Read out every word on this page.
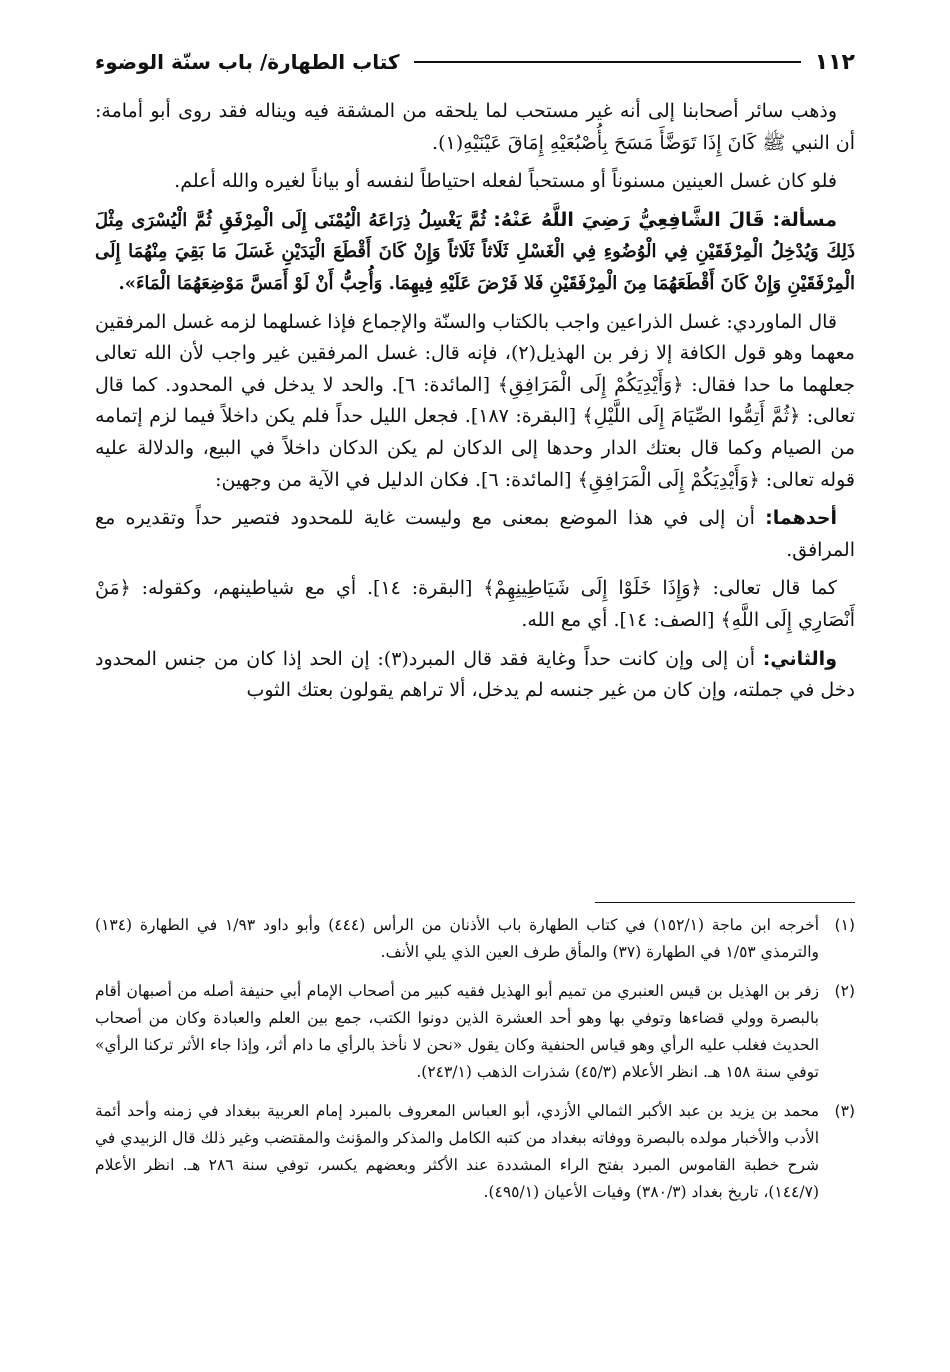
١١٢
كتاب الطهارة/ باب سنّة الوضوء

وذهب سائر أصحابنا إلى أنه غير مستحب لما يلحقه من المشقة فيه ويناله فقد روى أبو أمامة: أن النبي ﷺ كَانَ إِذَا تَوَضَّأَ مَسَحَ بِأُصْبُعَيْهِ إِمَاقَ عَيْنَيْهِ(١).

فلو كان غسل العينين مسنوناً أو مستحباً لفعله احتياطاً لنفسه أو بياناً لغيره والله أعلم.

مسألة: قَالَ الشَّافِعِيُّ رَضِيَ اللَّهُ عَنْهُ: ثُمَّ يَغْسِلُ ذِرَاعَهُ الْيُمْنَى إِلَى الْمِرْفَقِ ثُمَّ الْيُسْرَى مِثْلَ ذَلِكَ وَيُدْخِلُ الْمِرْفَقَيْنِ فِي الْوُضُوءِ فِي الْغَسْلِ ثَلَاثاً ثَلَاثاً وَإِنْ كَانَ أَقْطَعَ الْيَدَيْنِ غَسَلَ مَا بَقِيَ مِنْهُمَا إِلَى الْمِرْفَقَيْنِ وَإِنْ كَانَ أَقْطَعَهُمَا مِنَ الْمِرْفَقَيْنِ فَلا فَرْضَ عَلَيْهِ فِيهِمَا. وَأُحِبُّ أَنْ لَوْ أَمَسَّ مَوْضِعَهُمَا الْمَاءَ».

قال الماوردي: غسل الذراعين واجب بالكتاب والسنّة والإجماع فإذا غسلهما لزمه غسل المرفقين معهما وهو قول الكافة إلا زفر بن الهذيل(٢)، فإنه قال: غسل المرفقين غير واجب لأن الله تعالى جعلهما ما حدا فقال: ﴿وَأَيْدِيَكُمْ إِلَى الْمَرَافِقِ﴾ [المائدة: ٦]. والحد لا يدخل في المحدود. كما قال تعالى: ﴿ثُمَّ أَتِمُّوا الصِّيَامَ إِلَى اللَّيْلِ﴾ [البقرة: ١٨٧]. فجعل الليل حداً فلم يكن داخلاً فيما لزم إتمامه من الصيام وكما قال بعتك الدار وحدها إلى الدكان لم يكن الدكان داخلاً في البيع، والدلالة عليه قوله تعالى: ﴿وَأَيْدِيَكُمْ إِلَى الْمَرَافِقِ﴾ [المائدة: ٦]. فكان الدليل في الآية من وجهين:

أحدهما: أن إلى في هذا الموضع بمعنى مع وليست غاية للمحدود فتصير حداً وتقديره مع المرافق.

كما قال تعالى: ﴿وَإِذَا خَلَوْا إِلَى شَيَاطِينِهِمْ﴾ [البقرة: ١٤]. أي مع شياطينهم، وكقوله: ﴿مَنْ أَنْصَارِي إِلَى اللَّهِ﴾ [الصف: ١٤]. أي مع الله.

والثاني: أن إلى وإن كانت حداً وغاية فقد قال المبرد(٣): إن الحد إذا كان من جنس المحدود دخل في جملته، وإن كان من غير جنسه لم يدخل، ألا تراهم يقولون بعتك الثوب

(١)
أخرجه ابن ماجة (١٥٢/١) في كتاب الطهارة باب الأذنان من الرأس (٤٤٤) وأبو داود ١/٩٣ في الطهارة (١٣٤) والترمذي ١/٥٣ في الطهارة (٣٧) والمأق طرف العين الذي يلي الأنف.
(٢)
زفر بن الهذيل بن قيس العنبري من تميم أبو الهذيل فقيه كبير من أصحاب الإمام أبي حنيفة أصله من أصبهان أقام بالبصرة وولي قضاءها وتوفي بها وهو أحد العشرة الذين دونوا الكتب، جمع بين العلم والعبادة وكان من أصحاب الحديث فغلب عليه الرأي وهو قياس الحنفية وكان يقول «نحن لا نأخذ بالرأي ما دام أثر، وإذا جاء الأثر تركنا الرأي» توفي سنة ١٥٨ هـ. انظر الأعلام (٤٥/٣) شذرات الذهب (٢٤٣/١).
(٣)
محمد بن يزيد بن عبد الأكبر الثمالي الأزدي، أبو العباس المعروف بالمبرد إمام العربية ببغداد في زمنه وأحد أئمة الأدب والأخبار مولده بالبصرة ووفاته ببغداد من كتبه الكامل والمذكر والمؤنث والمقتضب وغير ذلك قال الزبيدي في شرح خطبة القاموس المبرد بفتح الراء المشددة عند الأكثر وبعضهم يكسر، توفي سنة ٢٨٦ هـ. انظر الأعلام (١٤٤/٧)، تاريخ بغداد (٣٨٠/٣) وفيات الأعيان (٤٩٥/١).
